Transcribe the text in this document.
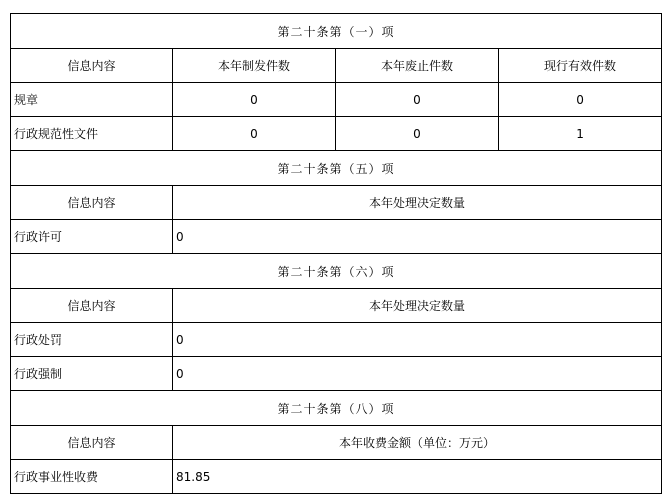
第二十条第（一）项			
信息内容	本年制发件数	本年废止件数	现行有效件数
规章	0	0	0
行政规范性文件	0	0	1
第二十条第（五）项			
信息内容	本年处理决定数量		
行政许可	0		
第二十条第（六）项			
信息内容	本年处理决定数量		
行政处罚	0		
行政强制	0		
第二十条第（八）项			
信息内容	本年收费金额（单位：万元）		
行政事业性收费	81.85		
